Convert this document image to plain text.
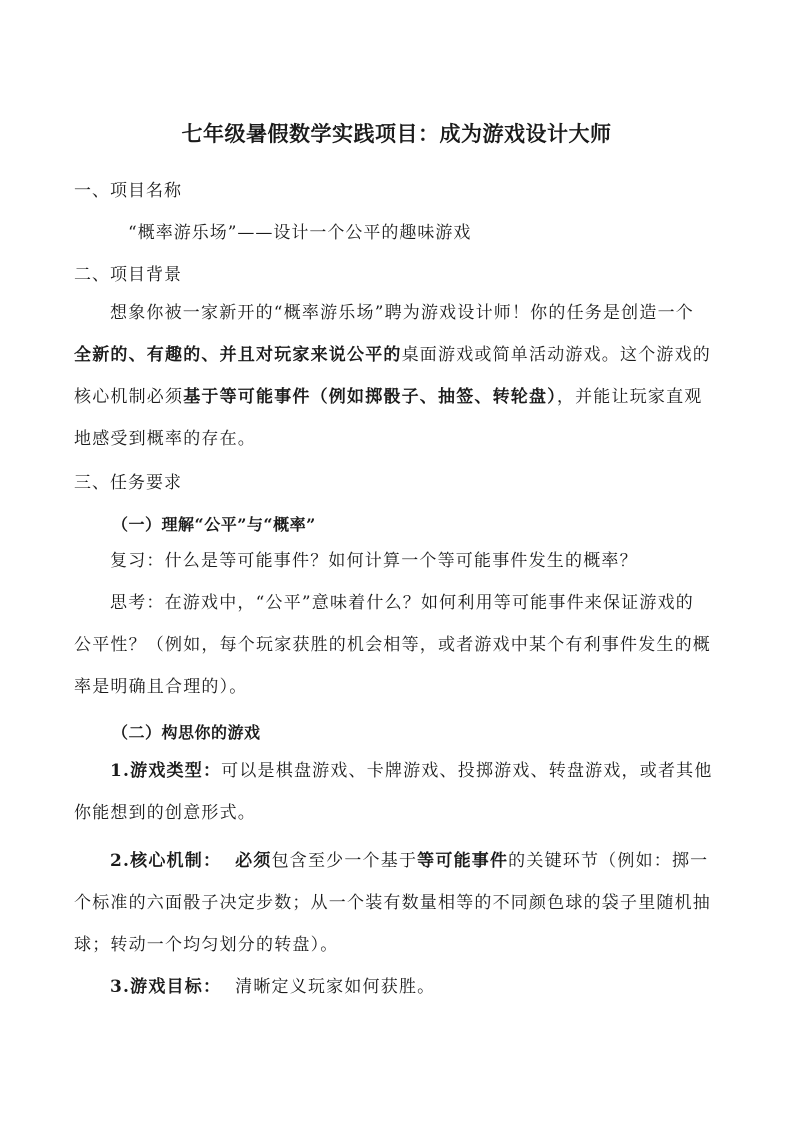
七年级暑假数学实践项目：成为游戏设计大师
一、项目名称
“概率游乐场”——设计一个公平的趣味游戏
二、项目背景
想象你被一家新开的“概率游乐场”聘为游戏设计师！你的任务是创造一个
全新的、有趣的、并且对玩家来说公平的桌面游戏或简单活动游戏。这个游戏的
核心机制必须基于等可能事件（例如掷骰子、抽签、转轮盘），并能让玩家直观
地感受到概率的存在。
三、任务要求
（一）理解“公平”与“概率”
复习：什么是等可能事件？如何计算一个等可能事件发生的概率？
思考：在游戏中，“公平”意味着什么？如何利用等可能事件来保证游戏的
公平性？（例如，每个玩家获胜的机会相等，或者游戏中某个有利事件发生的概
率是明确且合理的）。
（二）构思你的游戏
1.游戏类型：可以是棋盘游戏、卡牌游戏、投掷游戏、转盘游戏，或者其他
你能想到的创意形式。
2.核心机制： 必须包含至少一个基于等可能事件的关键环节（例如：掷一
个标准的六面骰子决定步数；从一个装有数量相等的不同颜色球的袋子里随机抽
球；转动一个均匀划分的转盘）。
3.游戏目标： 清晰定义玩家如何获胜。
